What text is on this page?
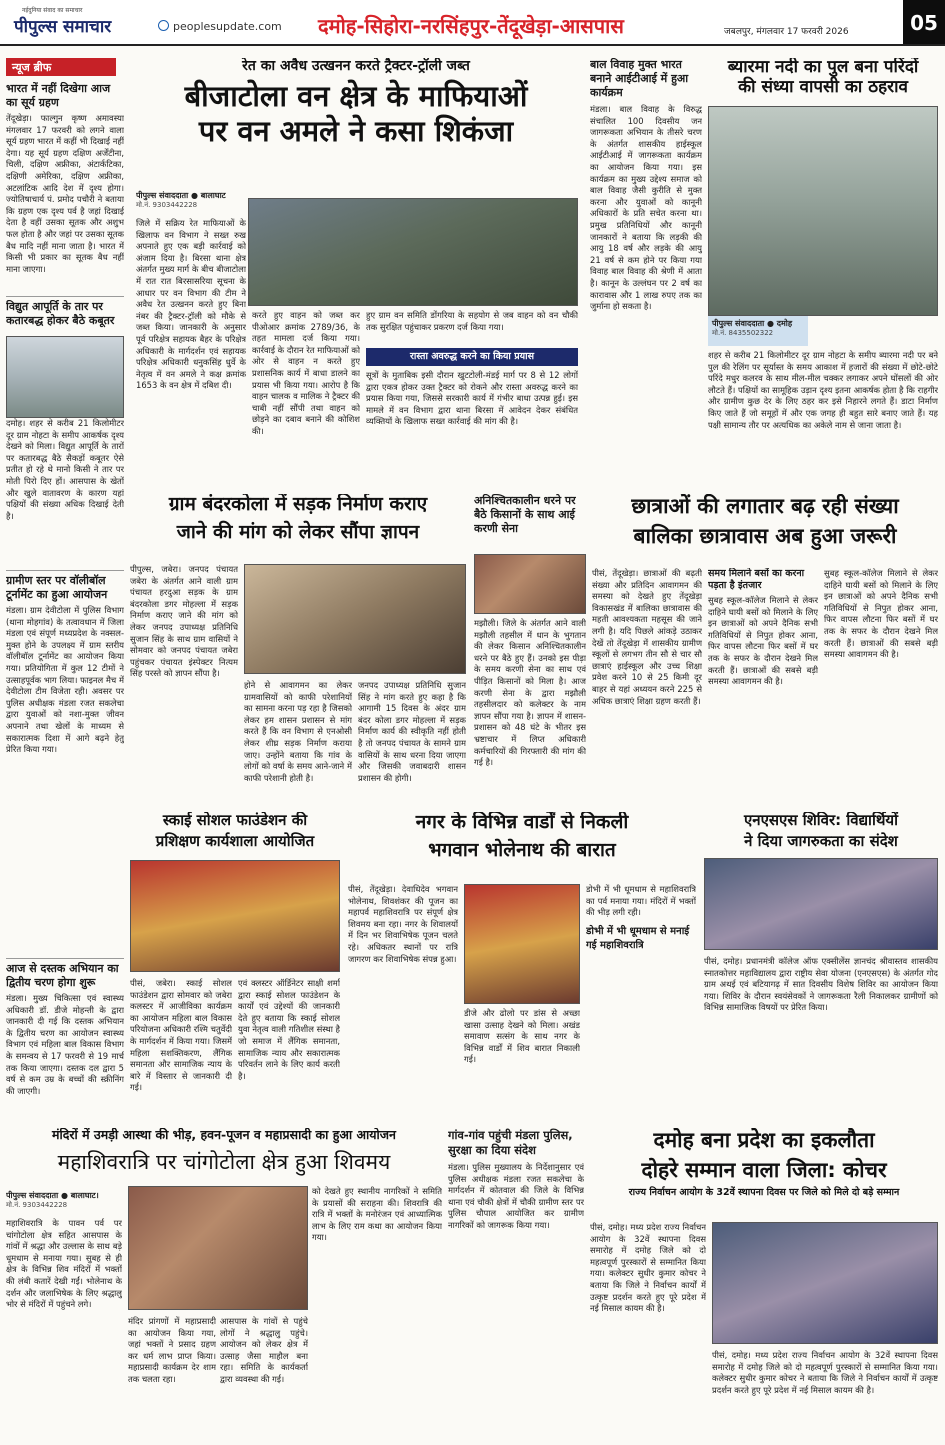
नईदुनिया संवाद का समाचार
पीपुल्स समाचार	peoplesupdate.com दमोह-सिहोरा-नरसिंहपुर-तेंदूखेड़ा-आसपास	जबलपुर, मंगलवार 17 फरवरी 2026	05
न्यूज ब्रीफ
भारत में नहीं दिखेगा आज का सूर्य ग्रहण
तेंदूखेड़ा। फाल्गुन कृष्ण अमावस्या मंगलवार 17 फरवरी को लगने वाला सूर्य ग्रहण भारत में कहीं भी दिखाई नहीं देगा। यह सूर्य ग्रहण दक्षिण अर्जेंटीना, चिली, दक्षिण अफ्रीका, अंटार्कटिका, दक्षिणी अमेरिका, दक्षिण अफ्रीका, अटलांटिक आदि देश में दृश्य होगा। ज्योतिषाचार्य पं. प्रमोद पचौरी ने बताया कि ग्रहण एक दृश्य पर्व है जहां दिखाई देता है वहीं उसका सूतक और अशुभ फल होता है और जहां पर उसका सूतक बैध मादि नहीं माना जाता है। भारत में किसी भी प्रकार का सूतक बैध नहीं माना जाएगा।
विद्युत आपूर्ति के तार पर कतारबद्ध होकर बैठे कबूतर
दमोह। शहर से करीब 21 किलोमीटर दूर ग्राम नोहटा के समीप आकर्षक दृश्य देखने को मिला। विद्युत आपूर्ति के तारों पर कतारबद्ध बैठे सैकड़ों कबूतर ऐसे प्रतीत हो रहे थे मानो किसी ने तार पर मोती पिरो दिए हों। आसपास के खेतों और खुले वातावरण के कारण यहां पक्षियों की संख्या अधिक दिखाई देती है।
ग्रामीण स्तर पर वॉलीबॉल टूर्नामेंट का हुआ आयोजन
मंडला। ग्राम देवीटोला में पुलिस विभाग (थाना मोहगांव) के तत्वावधान में जिला मंडला एवं संपूर्ण मध्यप्रदेश के नक्सल-मुक्त होने के उपलक्ष्य में ग्राम स्तरीय वॉलीबॉल टूर्नामेंट का आयोजन किया गया। प्रतियोगिता में कुल 12 टीमों ने उत्साहपूर्वक भाग लिया। फाइनल मैच में देवीटोला टीम विजेता रही। अवसर पर पुलिस अधीक्षक मंडला रजत सकलेचा द्वारा युवाओं को नशा-मुक्त जीवन अपनाने तथा खेलों के माध्यम से सकारात्मक दिशा में आगे बढ़ने हेतु प्रेरित किया गया।
आज से दस्तक अभियान का द्वितीय चरण होगा शुरू
मंडला। मुख्य चिकित्सा एवं स्वास्थ्य अधिकारी डॉ. डीजे मोहन्ती के द्वारा जानकारी दी गई कि दस्तक अभियान के द्वितीय चरण का आयोजन स्वास्थ्य विभाग एवं महिला बाल विकास विभाग के समन्वय से 17 फरवरी से 19 मार्च तक किया जाएगा। दस्तक दल द्वारा 5 वर्ष से कम उम्र के बच्चों की स्क्रीनिंग की जाएगी।
रेत का अवैध उत्खनन करते ट्रैक्टर-ट्रॉली जब्त
बीजाटोला वन क्षेत्र के माफियाओं
पर वन अमले ने कसा शिकंजा
पीपुल्स संवाददाता ● बालाघाट
मो.नं. 9303442228
जिले में सक्रिय रेत माफियाओं के खिलाफ वन विभाग ने सख्त रुख अपनाते हुए एक बड़ी कार्रवाई को अंजाम दिया है। बिरसा थाना क्षेत्र अंतर्गत मुख्य मार्ग के बीच बीजाटोला में रात रात बिरसासरिया सूचना के आधार पर वन विभाग की टीम ने अवैध रेत उत्खनन करते हुए बिना नंबर की ट्रैक्टर-ट्रॉली को मौके से जब्त किया। जानकारी के अनुसार पूर्व परिक्षेत्र सहायक बैहर के परिक्षेत्र अधिकारी के मार्गदर्शन एवं सहायक परिक्षेत्र अधिकारी धनुकसिंह धुर्वे के नेतृत्व में वन अमले ने कक्ष क्रमांक 1653 के वन क्षेत्र में दबिश दी।
करते हुए वाहन को जब्त कर पीओआर क्रमांक 2789/36, के तहत मामला दर्ज किया गया। कार्रवाई के दौरान रेत माफियाओं को ओर से वाहन न करते हुए प्रशासनिक कार्य में बाधा डालने का प्रयास भी किया गया। आरोप है कि वाहन चालक व मालिक ने ट्रैक्टर की चाबी नहीं सौंपी तथा वाहन को छोड़ने का दबाव बनाने की कोशिश की।
हुए ग्राम वन समिति डोंगरिया के सहयोग से जब वाहन को वन चौकी तक सुरक्षित पहुंचाकर प्रकरण दर्ज किया गया।
रास्ता अवरुद्ध करने का किया प्रयास
सूत्रों के मुताबिक इसी दौरान खुटटोली-मंडई मार्ग पर 8 से 12 लोगों द्वारा एकत्र होकर उक्त ट्रैक्टर को रोकने और रास्ता अवरुद्ध करने का प्रयास किया गया, जिससे सरकारी कार्य में गंभीर बाधा उत्पन्न हुई। इस मामले में वन विभाग द्वारा थाना बिरसा में आवेदन देकर संबंधित व्यक्तियों के खिलाफ सख्त कार्रवाई की मांग की है।
बाल विवाह मुक्त भारत बनाने आईटीआई में हुआ कार्यक्रम
मंडला। बाल विवाह के विरुद्ध संचालित 100 दिवसीय जन जागरूकता अभियान के तीसरे चरण के अंतर्गत शासकीय हाईस्कूल आईटीआई में जागरूकता कार्यक्रम का आयोजन किया गया। इस कार्यक्रम का मुख्य उद्देश्य समाज को बाल विवाह जैसी कुरीति से मुक्त करना और युवाओं को कानूनी अधिकारों के प्रति सचेत करना था। प्रमुख प्रतिनिधियों और कानूनी जानकारों ने बताया कि लड़की की आयु 18 वर्ष और लड़के की आयु 21 वर्ष से कम होने पर किया गया विवाह बाल विवाह की श्रेणी में आता है। कानून के उल्लंघन पर 2 वर्ष का कारावास और 1 लाख रुपए तक का जुर्माना हो सकता है।
ब्यारमा नदी का पुल बना परिंदों
की संध्या वापसी का ठहराव
पीपुल्स संवाददाता ● दमोह
मो.नं. 8435502322
शहर से करीब 21 किलोमीटर दूर ग्राम नोहटा के समीप ब्यारमा नदी पर बने पुल की रेलिंग पर सूर्यास्त के समय आकाश में हजारों की संख्या में छोटे-छोटे परिंदे मधुर कलरव के साथ मील-मील चक्कर लगाकर अपने घोंसलों की ओर लौटते हैं। पक्षियों का सामूहिक उड़ान दृश्य इतना आकर्षक होता है कि राहगीर और ग्रामीण कुछ देर के लिए ठहर कर इसे निहारने लगते हैं। डाटा निर्माण किए जाते हैं जो समूहों में और एक जगह ही बहुत सारे बनाए जाते हैं। यह पक्षी सामान्य तौर पर अत्यधिक का अकेले नाम से जाना जाता है।
ग्राम बंदरकोला में सड़क निर्माण कराए
जाने की मांग को लेकर सौंपा ज्ञापन
पीपुल्स, जबेरा। जनपद पंचायत जबेरा के अंतर्गत आने वाली ग्राम पंचायत हरदुआ सड़क के ग्राम बंदरकोला डगर मोहल्ला में सड़क निर्माण कराए जाने की मांग को लेकर जनपद उपाध्यक्ष प्रतिनिधि सुजान सिंह के साथ ग्राम वासियों ने सोमवार को जनपद पंचायत जबेरा पहुंचकर पंचायत इंस्पेक्टर नित्यम सिंह परस्ते को ज्ञापन सौंपा है।
होने से आवागमन का लेकर ग्रामवासियों को काफी परेशानियों का सामना करना पड़ रहा है जिसको लेकर हम शासन प्रशासन से मांग करते हैं कि वन विभाग से एनओसी लेकर शीघ्र सड़क निर्माण कराया जाए। उन्होंने बताया कि गांव के लोगों को वर्षा के समय आने-जाने में काफी परेशानी होती है।
जनपद उपाध्यक्ष प्रतिनिधि सुजान सिंह ने मांग करते हुए कहा है कि आगामी 15 दिवस के अंदर ग्राम बंदर कोला डगर मोहल्ला में सड़क निर्माण कार्य की स्वीकृति नहीं होती है तो जनपद पंचायत के सामने ग्राम वासियों के साथ धरना दिया जाएगा और जिसकी जवाबदारी शासन प्रशासन की होगी।
अनिश्चितकालीन धरने पर बैठे किसानों के साथ आई करणी सेना
मझौली। जिले के अंतर्गत आने वाली मझौली तहसील में धान के भुगतान की लेकर किसान अनिश्चितकालीन धरने पर बैठे हुए हैं। उनको इस पीड़ा के समय करणी सेना का साथ एवं पीड़ित किसानों को मिला है। आज करणी सेना के द्वारा मझौली तहसीलदार को कलेक्टर के नाम ज्ञापन सौंपा गया है। ज्ञापन में शासन-प्रशासन को 48 घंटे के भीतर इस भ्रष्टाचार में लिप्त अधिकारी कर्मचारियों की गिरफ्तारी की मांग की गई है।
छात्राओं की लगातार बढ़ रही संख्या
बालिका छात्रावास अब हुआ जरूरी
पीसं, तेंदूखेड़ा। छात्राओं की बढ़ती संख्या और प्रतिदिन आवागमन की समस्या को देखते हुए तेंदूखेड़ा विकासखंड में बालिका छात्रावास की महती आवश्यकता महसूस की जाने लगी है। यदि पिछले आंकड़े उठाकर देखें तो तेंदूखेड़ा में शासकीय ग्रामीण स्कूलों से लगभग तीन सौ से चार सौ छात्राएं हाईस्कूल और उच्च शिक्षा प्रवेश करने 10 से 25 किमी दूर बाहर से यहां अध्ययन करने 225 से अधिक छात्राएं शिक्षा ग्रहण करती हैं।
समय मिलाने बसों का करना पड़ता है इंतजार
सुबह स्कूल-कॉलेज मिलाने से लेकर दाहिने घायी बसों को मिलाने के लिए इन छात्राओं को अपने दैनिक सभी गतिविधियों से निपुत होकर आना, फिर वापस लौटना फिर बसों में घर तक के सफर के दौरान देखने मिल करती हैं। छात्राओं की सबसे बड़ी समस्या आवागमन की है।
सुबह स्कूल-कॉलेज मिलाने से लेकर दाहिने घायी बसों को मिलाने के लिए इन छात्राओं को अपने दैनिक सभी गतिविधियों से निपुत होकर आना, फिर वापस लौटना फिर बसों में घर तक के सफर के दौरान देखने मिल करती हैं। छात्राओं की सबसे बड़ी समस्या आवागमन की है।
स्काई सोशल फाउंडेशन की
प्रशिक्षण कार्यशाला आयोजित
पीसं, जबेरा। स्काई सोशल फाउंडेशन द्वारा सोमवार को जबेरा कलस्टर में आजीविका कार्यक्रम का आयोजन महिला बाल विकास परियोजना अधिकारी रश्मि चतुर्वेदी के मार्गदर्शन में किया गया। जिसमें महिला सशक्तिकरण, लैंगिक समानता और सामाजिक न्याय के बारे में विस्तार से जानकारी दी गई।
एवं क्लस्टर ऑर्डिनेटर साक्षी शर्मा द्वारा स्काई सोशल फाउंडेशन के कार्यों एवं उद्देश्यों की जानकारी देते हुए बताया कि स्काई सोशल युवा नेतृत्व वाली गतिशील संस्था है जो समाज में लैंगिक समानता, सामाजिक न्याय और सकारात्मक परिवर्तन लाने के लिए कार्य करती है।
नगर के विभिन्न वार्डों से निकली
भगवान भोलेनाथ की बारात
पीसं, तेंदूखेड़ा। देवाधिदेव भगवान भोलेनाथ, शिवशंकर की पूजन का महापर्व महाशिवरात्रि पर संपूर्ण क्षेत्र शिवमय बना रहा। नगर के शिवालयों में दिन भर शिवाभिषेक पूजन चलते रहे। अधिकतर स्थानों पर रात्रि जागरण कर शिवाभिषेक संपन्न हुआ।
डीजे और ढोलो पर डांस से अच्छा खासा उत्साह देखने को मिला। अखंड समावाण सत्संग के साथ नगर के विभिन्न वार्डों में शिव बारात निकाली गई।
डोभी में भी धूमधाम से महाशिवरात्रि का पर्व मनाया गया। मंदिरों में भक्तों की भीड़ लगी रही।
डोभी में भी धूमधाम से मनाई गई महाशिवरात्रि
एनएसएस शिविर: विद्यार्थियों
ने दिया जागरुकता का संदेश
पीसं, दमोह। प्रधानमंत्री कॉलेज ऑफ एक्सीलेंस ज्ञानचंद श्रीवास्तव शासकीय स्नातकोत्तर महाविद्यालय द्वारा राष्ट्रीय सेवा योजना (एनएसएस) के अंतर्गत गोद ग्राम अथई एवं बटियागढ़ में सात दिवसीय विशेष शिविर का आयोजन किया गया। शिविर के दौरान स्वयंसेवकों ने जागरूकता रैली निकालकर ग्रामीणों को विभिन्न सामाजिक विषयों पर प्रेरित किया।
मंदिरों में उमड़ी आस्था की भीड़, हवन-पूजन व महाप्रसादी का हुआ आयोजन
महाशिवरात्रि पर चांगोटोला क्षेत्र हुआ शिवमय
पीपुल्स संवाददाता ● बालाघाट।
मो.नं. 9303442228
महाशिवरात्रि के पावन पर्व पर चांगोटोला क्षेत्र सहित आसपास के गांवों में श्रद्धा और उल्लास के साथ बड़े धूमधाम से मनाया गया। सुबह से ही क्षेत्र के विभिन्न शिव मंदिरों में भक्तों की लंबी कतारें देखी गईं। भोलेनाथ के दर्शन और जलाभिषेक के लिए श्रद्धालु भोर से मंदिरों में पहुंचने लगे।
मंदिर प्रांगणों में महाप्रसादी का आयोजन किया गया, जहां भक्तों ने प्रसाद ग्रहण कर धर्म लाभ प्राप्त किया। महाप्रसादी कार्यक्रम देर शाम तक चलता रहा।
आसपास के गांवों से पहुंचे लोगों ने श्रद्धालु पहुंचे। आयोजन को लेकर क्षेत्र में उत्साह जैसा माहौल बना रहा। समिति के कार्यकर्ता द्वारा व्यवस्था की गई।
को देखते हुए स्थानीय नागरिकों ने समिति के प्रयासों की सराहना की। शिवरात्रि की रात्रि में भक्तों के मनोरंजन एवं आध्यात्मिक लाभ के लिए राम कथा का आयोजन किया गया।
गांव-गांव पहुंची मंडला पुलिस, सुरक्षा का दिया संदेश
मंडला। पुलिस मुख्यालय के निर्देशानुसार एवं पुलिस अधीक्षक मंडला रजत सकलेचा के मार्गदर्शन में कोतवाल की जिले के विभिन्न थाना एवं चौकी क्षेत्रों में चौकी ग्रामीण स्तर पर पुलिस चौपाल आयोजित कर ग्रामीण नागरिकों को जागरूक किया गया।
दमोह बना प्रदेश का इकलौता
दोहरे सम्मान वाला जिला: कोचर
राज्य निर्वाचन आयोग के 32वें स्थापना दिवस पर जिले को मिले दो बड़े सम्मान
पीसं, दमोह। मध्य प्रदेश राज्य निर्वाचन आयोग के 32वें स्थापना दिवस समारोह में दमोह जिले को दो महत्वपूर्ण पुरस्कारों से सम्मानित किया गया। कलेक्टर सुधीर कुमार कोचर ने बताया कि जिले ने निर्वाचन कार्यों में उत्कृष्ट प्रदर्शन करते हुए पूरे प्रदेश में नई मिसाल कायम की है।
पीसं, दमोह। मध्य प्रदेश राज्य निर्वाचन आयोग के 32वें स्थापना दिवस समारोह में दमोह जिले को दो महत्वपूर्ण पुरस्कारों से सम्मानित किया गया। कलेक्टर सुधीर कुमार कोचर ने बताया कि जिले ने निर्वाचन कार्यों में उत्कृष्ट प्रदर्शन करते हुए पूरे प्रदेश में नई मिसाल कायम की है।
